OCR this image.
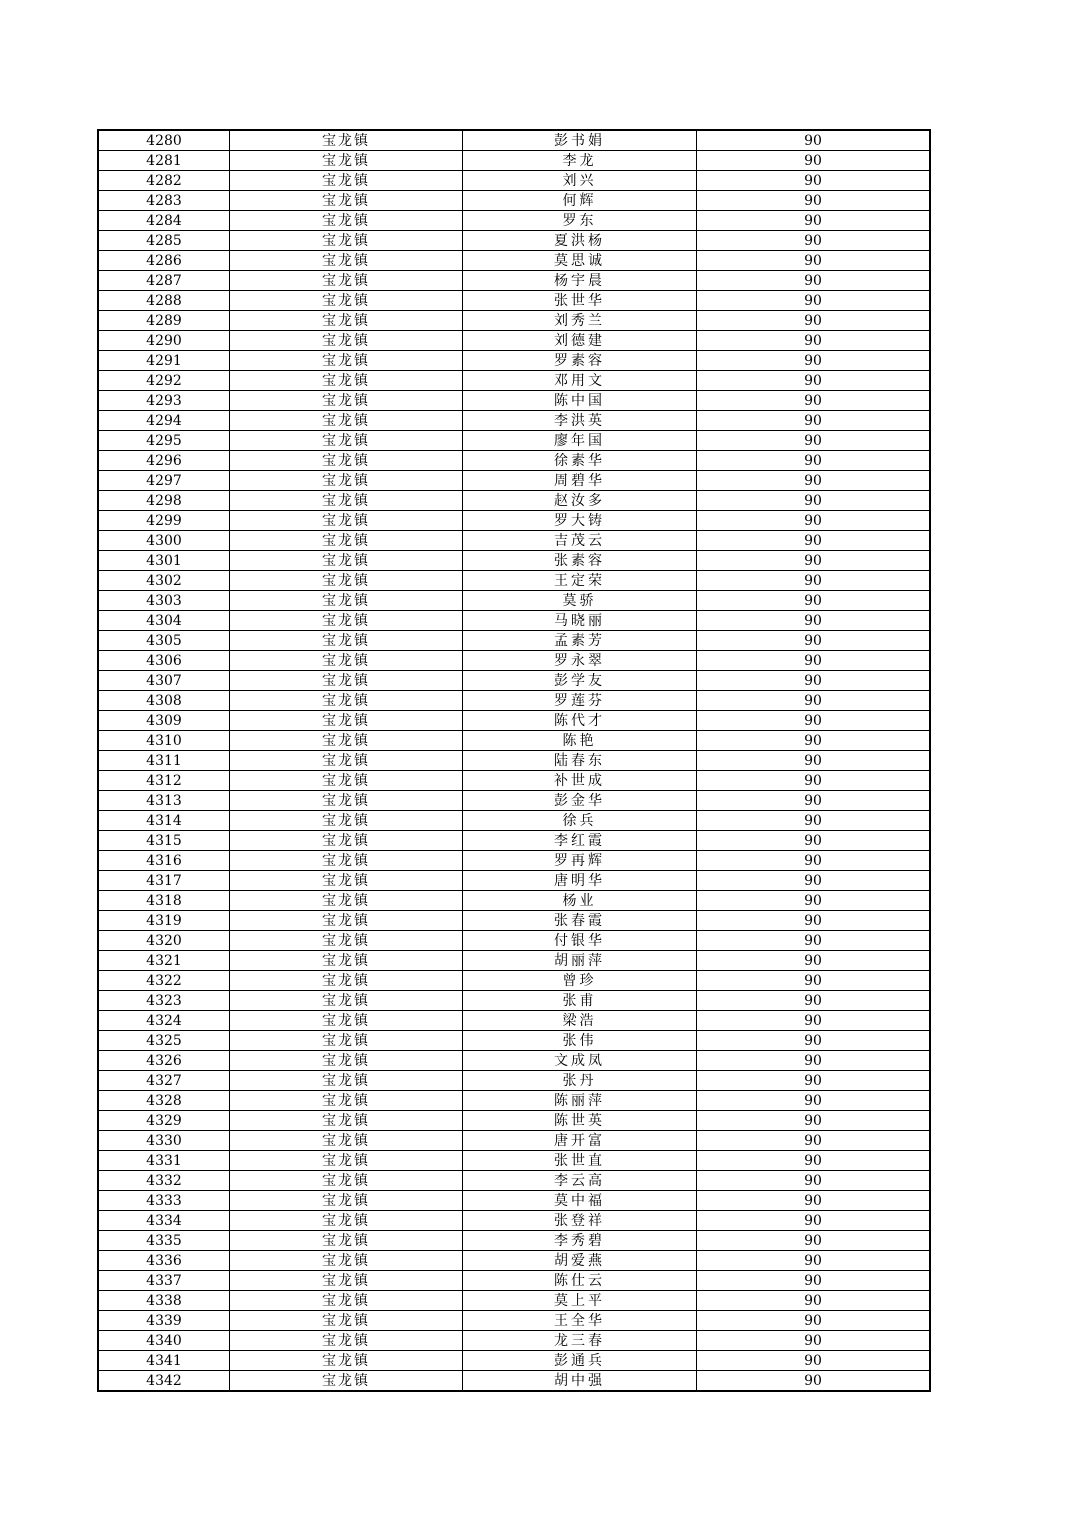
4280	宝龙镇	彭书娟	90
4281	宝龙镇	李龙	90
4282	宝龙镇	刘兴	90
4283	宝龙镇	何辉	90
4284	宝龙镇	罗东	90
4285	宝龙镇	夏洪杨	90
4286	宝龙镇	莫思诚	90
4287	宝龙镇	杨宇晨	90
4288	宝龙镇	张世华	90
4289	宝龙镇	刘秀兰	90
4290	宝龙镇	刘德建	90
4291	宝龙镇	罗素容	90
4292	宝龙镇	邓用文	90
4293	宝龙镇	陈中国	90
4294	宝龙镇	李洪英	90
4295	宝龙镇	廖年国	90
4296	宝龙镇	徐素华	90
4297	宝龙镇	周碧华	90
4298	宝龙镇	赵汝多	90
4299	宝龙镇	罗大铸	90
4300	宝龙镇	吉茂云	90
4301	宝龙镇	张素容	90
4302	宝龙镇	王定荣	90
4303	宝龙镇	莫骄	90
4304	宝龙镇	马晓丽	90
4305	宝龙镇	孟素芳	90
4306	宝龙镇	罗永翠	90
4307	宝龙镇	彭学友	90
4308	宝龙镇	罗莲芬	90
4309	宝龙镇	陈代才	90
4310	宝龙镇	陈艳	90
4311	宝龙镇	陆春东	90
4312	宝龙镇	补世成	90
4313	宝龙镇	彭金华	90
4314	宝龙镇	徐兵	90
4315	宝龙镇	李红霞	90
4316	宝龙镇	罗再辉	90
4317	宝龙镇	唐明华	90
4318	宝龙镇	杨业	90
4319	宝龙镇	张春霞	90
4320	宝龙镇	付银华	90
4321	宝龙镇	胡丽萍	90
4322	宝龙镇	曾珍	90
4323	宝龙镇	张甫	90
4324	宝龙镇	梁浩	90
4325	宝龙镇	张伟	90
4326	宝龙镇	文成凤	90
4327	宝龙镇	张丹	90
4328	宝龙镇	陈丽萍	90
4329	宝龙镇	陈世英	90
4330	宝龙镇	唐开富	90
4331	宝龙镇	张世直	90
4332	宝龙镇	李云高	90
4333	宝龙镇	莫中福	90
4334	宝龙镇	张登祥	90
4335	宝龙镇	李秀碧	90
4336	宝龙镇	胡爱燕	90
4337	宝龙镇	陈仕云	90
4338	宝龙镇	莫上平	90
4339	宝龙镇	王全华	90
4340	宝龙镇	龙三春	90
4341	宝龙镇	彭通兵	90
4342	宝龙镇	胡中强	90
